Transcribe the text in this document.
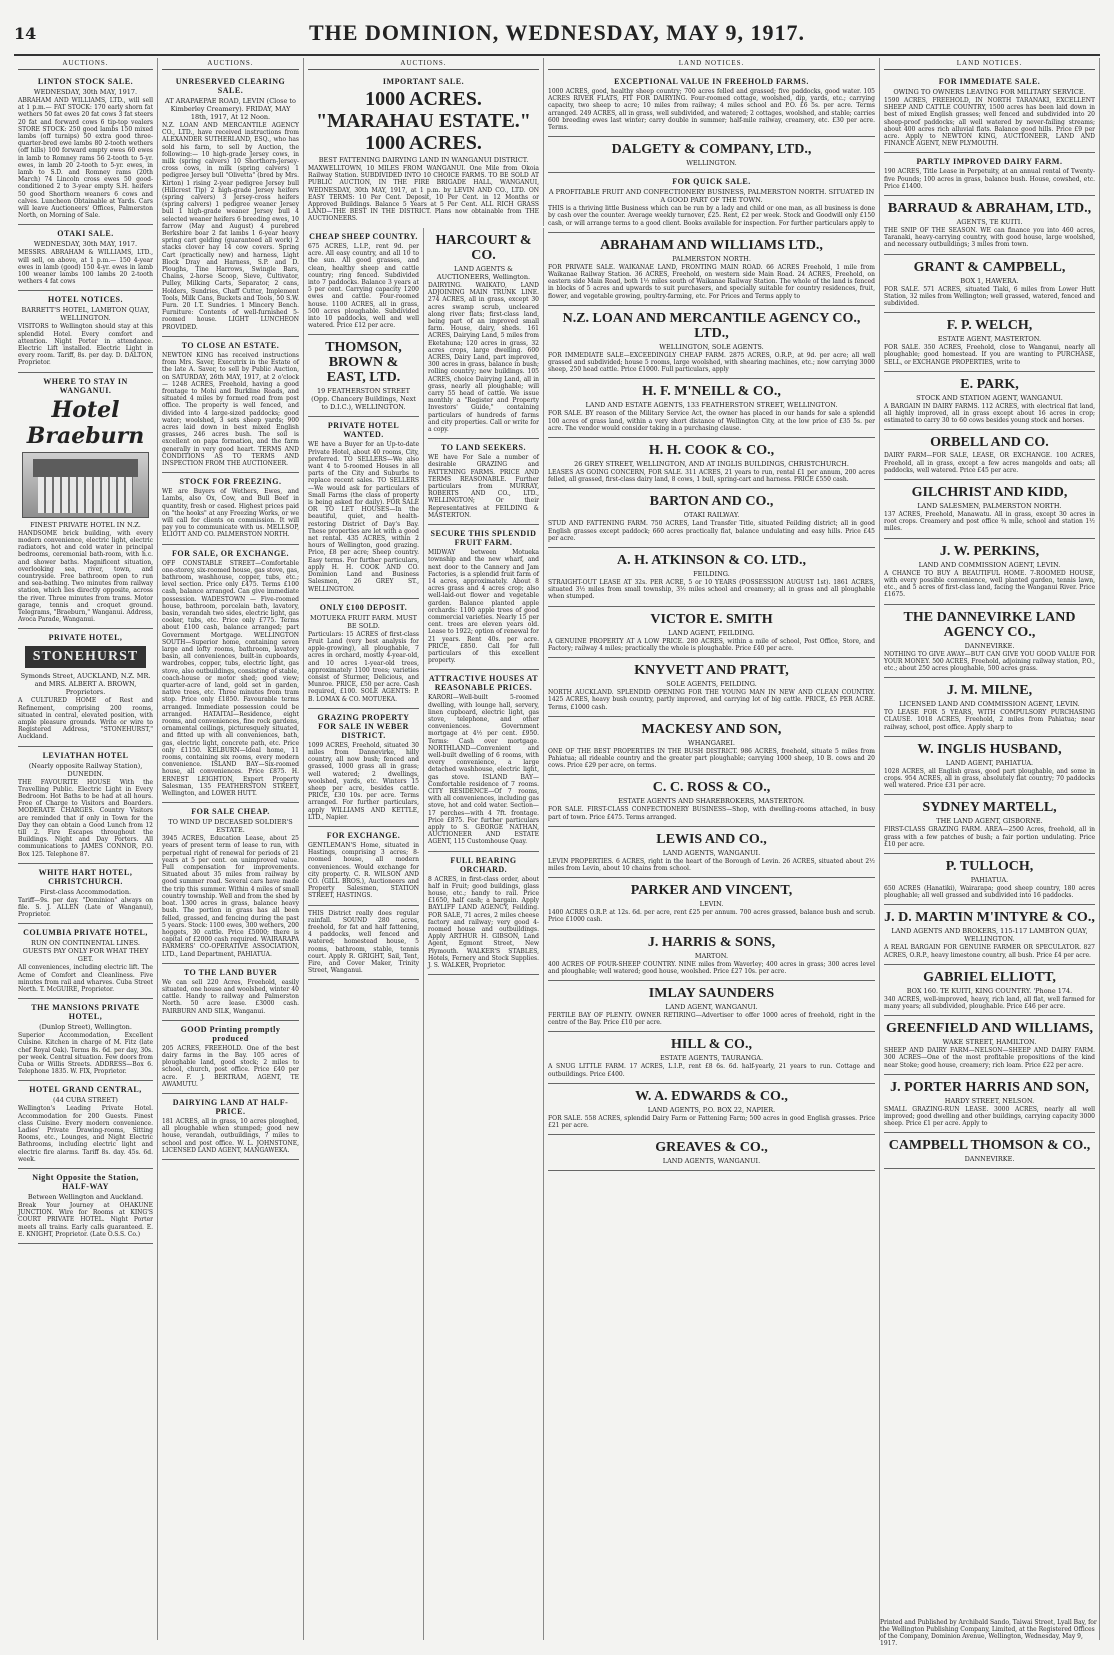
14	THE DOMINION, WEDNESDAY, MAY 9, 1917.
AUCTIONS.
LINTON STOCK SALE.
WEDNESDAY, 30th MAY, 1917.

ABRAHAM AND WILLIAMS, LTD., will sell at 1 p.m.— FAT STOCK: 170 early shorn fat wethers 50 fat ewes 20 fat cows 3 fat steers 20 fat and forward cows 6 tip-top vealers STORE STOCK: 250 good lambs 150 mixed lambs (off turnips) 50 extra good three-quarter-bred ewe lambs 80 2-tooth wethers (off hills) 100 forward empty ewes 60 ewes in lamb to Romney rams 56 2-tooth to 5-yr. ewes, in lamb 20 2-tooth to 5-yr. ewes, in lamb to S.D. and Romney rams (20th March) 74 Lincoln cross ewes 50 good-conditioned 2 to 3-year empty S.H. heifers 50 good Shorthorn weaners 6 cows and calves. Luncheon Obtainable at Yards. Cars will leave Auctioneers' Offices, Palmerston North, on Morning of Sale.

OTAKI SALE.
WEDNESDAY, 30th MAY, 1917.

MESSRS. ABRAHAM & WILLIAMS, LTD., will sell, on above, at 1 p.m.— 150 4-year ewes in lamb (good) 150 4-yr. ewes in lamb 100 weaner lambs 100 lambs 20 2-tooth wethers 4 fat cows

HOTEL NOTICES.
BARRETT'S HOTEL, LAMBTON QUAY, WELLINGTON.

VISITORS to Wellington should stay at this splendid Hotel. Every comfort and attention. Night Porter in attendance. Electric Lift installed. Electric Light in every room. Tariff, 8s. per day. D. DALTON, Proprietor.

WHERE TO STAY IN WANGANUI.
Hotel Braeburn
FINEST PRIVATE HOTEL IN N.Z.

HANDSOME brick building, with every modern convenience, electric light, electric radiators, hot and cold water in principal bedrooms, ceremonial bath-room, with h.c. and shower baths. Magnificent situation, overlooking sea, river, town, and countryside. Free bathroom open to run and sea-bathing. Two minutes from railway station, which lies directly opposite, across the river. Three minutes from trams. Motor garage, tennis and croquet ground. Telegrams, "Braeburn," Wanganui. Address, Avoca Parade, Wanganui.

PRIVATE HOTEL,
STONEHURST
Symonds Street, AUCKLAND, N.Z. MR. and MRS. ALBERT A. BROWN, Proprietors.

A CULTURED HOME of Rest and Refinement, comprising 200 rooms, situated in central, elevated position, with ample pleasure grounds. Write or wire to Registered Address, "STONEHURST," Auckland.

LEVIATHAN HOTEL
(Nearly opposite Railway Station), DUNEDIN.

THE FAVOURITE HOUSE With the Travelling Public. Electric Light in Every Bedroom. Hot Baths to be had at all hours. Free of Charge to Visitors and Boarders. MODERATE CHARGES. Country Visitors are reminded that if only in Town for the Day they can obtain a Good Lunch from 12 till 2. Fire Escapes throughout the Buildings. Night and Day Porters. All communications to JAMES CONNOR, P.O. Box 125. Telephone 87.

WHITE HART HOTEL, CHRISTCHURCH.
First-class Accommodation.

Tariff—9s. per day. "Dominion" always on file. S. J. ALLEN (Late of Wanganui), Proprietor.

COLUMBIA PRIVATE HOTEL,
RUN ON CONTINENTAL LINES. GUESTS PAY ONLY FOR WHAT THEY GET.

All conveniences, including electric lift. The Acme of Comfort and Cleanliness. Five minutes from rail and wharves. Cuba Street North. T. McGUIRE, Proprietor.

THE MANSIONS PRIVATE HOTEL,
(Dunlop Street), Wellington.

Superior Accommodation, Excellent Cuisine. Kitchen in charge of M. Fitz (late chef Royal Oak). Terms 8s. 6d. per day, 30s. per week. Central situation. Few doors from Cuba or Willis Streets. ADDRESS—Box 6. Telephone 1835. W. FIX, Proprietor.

HOTEL GRAND CENTRAL,
(44 CUBA STREET)

Wellington's Leading Private Hotel. Accommodation for 200 Guests. Finest class Cuisine. Every modern convenience. Ladies' Private Drawing-rooms, Sitting Rooms, etc., Lounges, and Night Electric Bathrooms, including electric light and electric fire alarms. Tariff 8s. day. 45s. 6d. week.

Night Opposite the Station, HALF-WAY
Between Wellington and Auckland.

Break Your Journey at OHAKUNE JUNCTION. Wire for Rooms at KING'S COURT PRIVATE HOTEL. Night Porter meets all trains. Early calls guaranteed. E. E. KNIGHT, Proprietor. (Late O.S.S. Co.)

AUCTIONS.
UNRESERVED CLEARING SALE.
AT ARAPAEPAE ROAD, LEVIN (Close to Kimberley Creamery). FRIDAY, MAY 18th, 1917, At 12 Noon.

N.Z. LOAN AND MERCANTILE AGENCY CO., LTD., have received instructions from ALEXANDER SUTHERLAND, ESQ., who has sold his farm, to sell by Auction, the following:— 10 high-grade Jersey cows, in milk (spring calvers) 10 Shorthorn-Jersey-cross cows, in milk (spring calvers) 1 pedigree Jersey bull "Olivetta" (bred by Mrs. Kirton) 1 rising 2-year pedigree Jersey bull (Hillcrest Tip) 2 high-grade Jersey heifers (spring calvers) 3 Jersey-cross heifers (spring calvers) 1 pedigree weaner Jersey bull 1 high-grade weaner Jersey bull 4 selected weaner heifers 6 breeding ewes, 10 farrow (May and August) 4 purebred Berkshire boar 2 fat lambs 1 6-year heavy spring cart gelding (guaranteed all work) 2 stacks clover hay 14 cow covers. Spring Cart (practically new) and harness, Light Block Dray and Harness, S.P. and D. Ploughs, Tine Harrows, Swingle Bars, Chains, 2-horse Scoop, Sieve, Cultivator, Pulley, Milking Carts, Separator, 2 cans, Holders, Sundries, Chaff Cutter, Implement Tools, Milk Cans, Buckets and Tools, 50 S.W. Furn. 20 I.T. Sundries. 1 Mincery Bench. Furniture: Contents of well-furnished 5-roomed house. LIGHT LUNCHEON PROVIDED.

TO CLOSE AN ESTATE.

NEWTON KING has received instructions from Mrs. Saver, Executrix in the Estate of the late A. Saver, to sell by Public Auction, on SATURDAY, 26th MAY, 1917, at 2 o'clock— 1248 ACRES, Freehold, having a good frontage to Mohi and Burkline Roads, and situated 4 miles by formed road from post office. The property is well fenced, and divided into 4 large-sized paddocks; good water; woolshed, 3 sets sheep yards; 900 acres laid down in best mixed English grasses, 246 acres bush. The soil is excellent on papa formation, and the farm generally in very good heart. TERMS AND CONDITIONS AS TO TERMS AND INSPECTION FROM THE AUCTIONEER.

STOCK FOR FREEZING.

WE are Buyers of Wethers, Ewes, and Lambs, also Ox, Cow, and Bull Beef in quantity, fresh or cased. Highest prices paid on "the hooks" at any Freezing Works, or we will call for clients on commission. It will pay you to communicate with us. MELLSOP, ELIOTT AND CO. PALMERSTON NORTH.

FOR SALE, OR EXCHANGE.

OFF CONSTABLE STREET—Comfortable one-storey, six-roomed house, gas stove, gas, bathroom, washhouse, copper, tubs, etc.; level section. Price only £475. Terms £100 cash, balance arranged. Can give immediate possession. WADESTOWN — Five-roomed house, bathroom, porcelain bath, lavatory, basin, verandah two sides, electric light, gas cooker, tubs, etc. Price only £775. Terms about £100 cash, balance arranged; part Government Mortgage. WELLINGTON SOUTH—Superior home, containing seven large and lofty rooms, bathroom, lavatory basin, all conveniences, built-in cupboards, wardrobes, copper, tubs, electric light, gas stove, also outbuildings, consisting of stable, coach-house or motor shed; good view; quarter-acre of land, gold set in garden, native trees, etc. Three minutes from tram stop. Price only £1850. Favourable terms arranged. Immediate possession could be arranged. HATAITAI—Residence, eight rooms, and conveniences, fine rock gardens, ornamental ceilings, picturesquely situated, and fitted up with all conveniences, bath, gas, electric light, concrete path, etc. Price only £1150. KELBURN—Ideal home, 11 rooms, containing six rooms, every modern convenience. ISLAND BAY—Six-roomed house, all conveniences. Price £875. H. ERNEST LEIGHTON, Expert Property Salesman, 135 FEATHERSTON STREET, Wellington, and LOWER HUTT.

FOR SALE CHEAP.
TO WIND UP DECEASED SOLDIER'S ESTATE.

3945 ACRES, Education Lease, about 25 years of present term of lease to run, with perpetual right of renewal for periods of 21 years at 5 per cent. on unimproved value. Full compensation for improvements. Situated about 35 miles from railway by good summer road. Several cars have made the trip this summer. Within 4 miles of small country township. Well and from the shed by boat. 1300 acres in grass, balance heavy bush. The portion in grass has all been felled, grassed, and fencing during the past 5 years. Stock: 1100 ewes, 300 wethers, 200 hoggets, 30 cattle. Price £5000; there is capital of £2000 cash required. WAIRARAPA FARMERS' CO-OPERATIVE ASSOCIATION, LTD., Land Department, PAHIATUA.

TO THE LAND BUYER

We can sell 220 Acres, Freehold, easily situated, one house and woolshed, winter 40 cattle. Handy to railway and Palmerston North. 50 acre lease. £3000 cash. FAIRBURN AND SILK, Wanganui.

GOOD Printing promptly produced

205 ACRES, FREEHOLD. One of the best dairy farms in the Bay. 105 acres of ploughable land, good stock; 2 miles to school, church, post office. Price £40 per acre. F. J. BERTRAM, AGENT, TE AWAMUTU.

DAIRYING LAND AT HALF-PRICE.

181 ACRES, all in grass, 10 acres ploughed, all ploughable when stumped; good new house, verandah, outbuildings, 7 miles to school and post office. W. L. JOHNSTONE, LICENSED LAND AGENT, MANGAWEKA.

AUCTIONS.
IMPORTANT SALE.
1000 ACRES. "MARAHAU ESTATE." 1000 ACRES.
BEST FATTENING DAIRYING LAND IN WANGANUI DISTRICT.

MAXWELLTOWN, 10 MILES FROM WANGANUI. One Mile from Okoia Railway Station. SUBDIVIDED INTO 10 CHOICE FARMS. TO BE SOLD AT PUBLIC AUCTION, IN THE FIRE BRIGADE HALL, WANGANUI, WEDNESDAY, 30th MAY, 1917, at 1 p.m. by LEVIN AND CO., LTD. ON EASY TERMS: 10 Per Cent. Deposit, 10 Per Cent. in 12 Months or Approved Buildings. Balance 5 Years at 5 Per Cent. ALL RICH GRASS LAND—THE BEST IN THE DISTRICT. Plans now obtainable from THE AUCTIONEERS.

CHEAP SHEEP COUNTRY.

675 ACRES, L.I.P., rent 9d. per acre. All easy country, and all 10 to the sun. All good grasses, and clean, healthy sheep and cattle country; ring fenced. Subdivided into 7 paddocks. Balance 3 years at 5 per cent. Carrying capacity 1200 ewes and cattle. Four-roomed house. 1100 ACRES, all in grass, 500 acres ploughable. Subdivided into 10 paddocks, well and well watered. Price £12 per acre.

THOMSON, BROWN & EAST, LTD.
19 FEATHERSTON STREET (Opp. Chancery Buildings, Next to D.I.C.), WELLINGTON.
PRIVATE HOTEL WANTED.

WE have a Buyer for an Up-to-date Private Hotel, about 40 rooms, City, preferred. TO SELLERS—We also want 4 to 5-roomed Houses in all parts of the City and Suburbs to replace recent sales. TO SELLERS—We would ask for particulars of Small Farms (the class of property is being asked for daily). FOR SALE OR TO LET HOUSES—In the beautiful, quiet, and health-restoring District of Day's Bay. These properties are let with a good net rental. 435 ACRES, within 2 hours of Wellington, good grazing. Price, £8 per acre; Sheep country. Easy terms. For further particulars, apply H. H. COOK AND CO. Dominion Land and Business Salesmen, 26 GREY ST., WELLINGTON.

ONLY £100 DEPOSIT.
MOTUEKA FRUIT FARM. MUST BE SOLD.

Particulars: 15 ACRES of first-class Fruit Land (very best analysis for apple-growing), all ploughable, 7 acres in orchard, mostly 4-year-old, and 10 acres 1-year-old trees, approximately 1100 trees; varieties consist of Sturmer, Delicious, and Munroe. PRICE, £50 per acre. Cash required, £100. SOLE AGENTS: P. B. LOMAX & CO. MOTUEKA.

GRAZING PROPERTY FOR SALE IN WEBER DISTRICT.

1099 ACRES, Freehold, situated 30 miles from Dannevirke, hilly country, all now bush; fenced and grassed, 1000 grass all in grass; well watered; 2 dwellings, woolshed, yards, etc. Winters 15 sheep per acre, besides cattle. PRICE, £30 10s. per acre. Terms arranged. For further particulars, apply WILLIAMS AND KETTLE, LTD., Napier.

FOR EXCHANGE.

GENTLEMAN'S Home, situated in Hastings, comprising 3 acres; 8-roomed house, all modern conveniences. Would exchange for city property. C. R. WILSON AND CO. (GILL BROS.), Auctioneers and Property Salesmen, STATION STREET, HASTINGS.

THIS District really does regular rainfall. SOUND 280 acres, freehold, for fat and half fattening, 4 paddocks, well fenced and watered; homestead house, 5 rooms, bathroom, stable, tennis court. Apply R. GRIGHT, Sail, Tent, Fire, and Cover Maker, Trinity Street, Wanganui.

HARCOURT & CO.
LAND AGENTS & AUCTIONEERS, Wellington.

DAIRYING. WAIKATO, LAND ADJOINING MAIN TRUNK LINE. 274 ACRES, all in grass, except 30 acres swamp scrub, uncleared along river flats; first-class land, being part of an improved small farm. House, dairy, sheds. 161 ACRES, Dairying Land, 5 miles from Eketahuna; 120 acres in grass, 32 acres crops, large dwelling. 600 ACRES, Dairy Land, part improved, 300 acres in grass, balance in bush; rolling country; new buildings. 105 ACRES, choice Dairying Land, all in grass, nearly all ploughable; will carry 55 head of cattle. We issue monthly a "Register and Property Investors' Guide," containing particulars of hundreds of farms and city properties. Call or write for a copy.

TO LAND SEEKERS.

WE have For Sale a number of desirable GRAZING and FATTENING FARMS. PRICE AND TERMS REASONABLE. Further particulars from MURRAY, ROBERTS AND CO., LTD., WELLINGTON; Or their Representatives at FEILDING & MASTERTON.

SECURE THIS SPLENDID FRUIT FARM.

MIDWAY between Motueka township and the new wharf, and next door to the Cannery and Jam Factories, is a splendid fruit farm of 14 acres, approximately. About 8 acres grass and 4 acres crop; also well-laid-out flower and vegetable garden. Balance planted apple orchards: 1100 apple trees of good commercial varieties. Nearly 15 per cent. trees are eleven years old. Lease to 1922; option of renewal for 21 years. Rent 40s. per acre. PRICE, £850. Call for full particulars of this excellent property.

ATTRACTIVE HOUSES AT REASONABLE PRICES.

KARORI—Well-built 5-roomed dwelling, with lounge hall, servery, linen cupboard, electric light, gas stove, telephone, and other conveniences. Government mortgage at 4½ per cent. £950. Terms: Cash over mortgage. NORTHLAND—Convenient and well-built dwelling of 6 rooms, with every convenience, a large detached washhouse, electric light, gas stove. ISLAND BAY—Comfortable residence of 7 rooms. CITY RESIDENCE—Of 7 rooms, with all conveniences, including gas stove, hot and cold water. Section—17 perches—with 4 7ft. frontage. Price £875. For further particulars apply to S. GEORGE NATHAN, AUCTIONEER AND ESTATE AGENT, 115 Customhouse Quay.

FULL BEARING ORCHARD.

8 ACRES, in first-class order, about half in Fruit; good buildings, glass house, etc.; handy to rail. Price £1650, half cash; a bargain. Apply BAYLIFF LAND AGENCY, Feilding. FOR SALE, 71 acres, 2 miles cheese factory and railway; very good 4-roomed house and outbuildings. Apply ARTHUR H. GIBSON, Land Agent, Egmont Street, New Plymouth. WALKER'S STABLES, Hotels, Fernery and Stock Supplies. J. S. WALKER, Proprietor.

LAND NOTICES.
EXCEPTIONAL VALUE IN FREEHOLD FARMS.

1000 ACRES, good, healthy sheep country; 700 acres felled and grassed; five paddocks, good water. 105 ACRES RIVER FLATS, FIT FOR DAIRYING. Four-roomed cottage, woolshed, dip, yards, etc.; carrying capacity, two sheep to acre; 10 miles from railway; 4 miles school and P.O. £6 5s. per acre. Terms arranged. 249 ACRES, all in grass, well subdivided, and watered; 2 cottages, woolshed, and stable; carries 600 breeding ewes last winter; carry double in summer; half-mile railway, creamery, etc. £30 per acre. Terms.

DALGETY & COMPANY, LTD.,
WELLINGTON.
FOR QUICK SALE.
A PROFITABLE FRUIT AND CONFECTIONERY BUSINESS, PALMERSTON NORTH. SITUATED IN A GOOD PART OF THE TOWN.

THIS is a thriving little Business which can be run by a lady and child or one man, as all business is done by cash over the counter. Average weekly turnover, £25. Rent, £2 per week. Stock and Goodwill only £150 cash, or will arrange terms to a good client. Books available for inspection. For further particulars apply to

ABRAHAM AND WILLIAMS LTD.,
PALMERSTON NORTH.

FOR PRIVATE SALE. WAIKANAE LAND, FRONTING MAIN ROAD. 66 ACRES Freehold, 1 mile from Waikanae Railway Station. 36 ACRES, Freehold, on western side Main Road. 24 ACRES, Freehold, on eastern side Main Road, both 1½ miles south of Waikanae Railway Station. The whole of the land is fenced in blocks of 5 acres and upwards to suit purchasers, and specially suitable for country residences, fruit, flower, and vegetable growing, poultry-farming, etc. For Prices and Terms apply to

N.Z. LOAN AND MERCANTILE AGENCY CO., LTD.,
WELLINGTON, SOLE AGENTS.

FOR IMMEDIATE SALE—EXCEEDINGLY CHEAP FARM. 2875 ACRES, O.R.P., at 9d. per acre; all well grassed and subdivided; house 5 rooms, large woolshed, with shearing machines, etc.; now carrying 3000 sheep, 250 head cattle. Price £1000. Full particulars, apply

H. F. M'NEILL & CO.,
LAND AND ESTATE AGENTS, 133 FEATHERSTON STREET, WELLINGTON.

FOR SALE. BY reason of the Military Service Act, the owner has placed in our hands for sale a splendid 100 acres of grass land, within a very short distance of Wellington City, at the low price of £35 5s. per acre. The vendor would consider taking in a purchasing clause.

H. H. COOK & CO.,
26 GREY STREET, WELLINGTON, AND AT INGLIS BUILDINGS, CHRISTCHURCH.

LEASES AS GOING CONCERN, FOR SALE. 311 ACRES, 21 years to run, rental £1 per annum, 200 acres felled, all grassed, first-class dairy land, 8 cows, 1 bull, spring-cart and harness. PRICE £550 cash.

BARTON AND CO.,
OTAKI RAILWAY.

STUD AND FATTENING FARM. 750 ACRES, Land Transfer Title, situated Feilding district; all in good English grasses except paddock; 660 acres practically flat, balance undulating and easy hills. Price £45 per acre.

A. H. ATKINSON & CO. LTD.,
FEILDING.

STRAIGHT-OUT LEASE AT 32s. PER ACRE, 5 or 10 YEARS (POSSESSION AUGUST 1st). 1861 ACRES, situated 3½ miles from small township, 3½ miles school and creamery; all in grass and all ploughable when stumped.

VICTOR E. SMITH
LAND AGENT, FEILDING.

A GENUINE PROPERTY AT A LOW PRICE. 280 ACRES, within a mile of school, Post Office, Store, and Factory; railway 4 miles; practically the whole is ploughable. Price £40 per acre.

KNYVETT AND PRATT,
SOLE AGENTS, FEILDING.

NORTH AUCKLAND. SPLENDID OPENING FOR THE YOUNG MAN IN NEW AND CLEAN COUNTRY. 1425 ACRES, heavy bush country, partly improved, and carrying lot of big cattle. PRICE, £5 PER ACRE. Terms, £1000 cash.

MACKESY AND SON,
WHANGAREI.

ONE OF THE BEST PROPERTIES IN THE BUSH DISTRICT. 986 ACRES, freehold, situate 5 miles from Pahiatua; all rideable country and the greater part ploughable; carrying 1000 sheep, 10 B. cows and 20 cows. Price £29 per acre, on terms.

C. C. ROSS & CO.,
ESTATE AGENTS AND SHAREBROKERS, MASTERTON.

FOR SALE. FIRST-CLASS CONFECTIONERY BUSINESS—Shop, with dwelling-rooms attached, in busy part of town. Price £475. Terms arranged.

LEWIS AND CO.,
LAND AGENTS, WANGANUI.

LEVIN PROPERTIES. 6 ACRES, right in the heart of the Borough of Levin. 26 ACRES, situated about 2½ miles from Levin, about 10 chains from school.

PARKER AND VINCENT,
LEVIN.

1400 ACRES O.R.P. at 12s. 6d. per acre, rent £25 per annum. 700 acres grassed, balance bush and scrub. Price £1000 cash.

J. HARRIS & SONS,
MARTON.

400 ACRES OF FOUR-SHEEP COUNTRY. NINE miles from Waverley; 400 acres in grass; 300 acres level and ploughable; well watered; good house, woolshed. Price £27 10s. per acre.

IMLAY SAUNDERS
LAND AGENT, WANGANUI.

FERTILE BAY OF PLENTY. OWNER RETIRING—Advertiser to offer 1000 acres of freehold, right in the centre of the Bay. Price £10 per acre.

HILL & CO.,
ESTATE AGENTS, TAURANGA.

A SNUG LITTLE FARM. 17 ACRES, L.I.P., rent £8 6s. 6d. half-yearly, 21 years to run. Cottage and outbuildings. Price £400.

W. A. EDWARDS & CO.,
LAND AGENTS, P.O. BOX 22, NAPIER.

FOR SALE. 558 ACRES, splendid Dairy Farm or Fattening Farm; 500 acres in good English grasses. Price £21 per acre.

GREAVES & CO.,
LAND AGENTS, WANGANUI.
LAND NOTICES.
FOR IMMEDIATE SALE.
OWING TO OWNERS LEAVING FOR MILITARY SERVICE.

1590 ACRES, FREEHOLD, IN NORTH TARANAKI, EXCELLENT SHEEP AND CATTLE COUNTRY, 1500 acres has been laid down in best of mixed English grasses; well fenced and subdivided into 20 sheep-proof paddocks; all well watered by never-failing streams; about 400 acres rich alluvial flats. Balance good hills. Price £9 per acre. Apply to NEWTON KING, AUCTIONEER, LAND AND FINANCE AGENT, NEW PLYMOUTH.

PARTLY IMPROVED DAIRY FARM.

190 ACRES, Title Lease in Perpetuity, at an annual rental of Twenty-five Pounds; 100 acres in grass, balance bush. House, cowshed, etc. Price £1400.

BARRAUD & ABRAHAM, LTD.,
AGENTS, TE KUITI.

THE SNIP OF THE SEASON. WE can finance you into 460 acres, Taranaki, heavy-carrying country, with good house, large woolshed, and necessary outbuildings; 3 miles from town.

GRANT & CAMPBELL,
BOX 1, HAWERA.

FOR SALE. 571 ACRES, situated Tiaki, 6 miles from Lower Hutt Station, 32 miles from Wellington; well grassed, watered, fenced and subdivided.

F. P. WELCH,
ESTATE AGENT, MASTERTON.

FOR SALE. 350 ACRES, Freehold, close to Wanganui, nearly all ploughable; good homestead. If you are wanting to PURCHASE, SELL, or EXCHANGE PROPERTIES, write to

E. PARK,
STOCK AND STATION AGENT, WANGANUI.

A BARGAIN IN DAIRY FARMS. 112 ACRES, with electrical flat land, all highly improved, all in grass except about 16 acres in crop; estimated to carry 30 to 60 cows besides young stock and horses.

ORBELL AND CO.

DAIRY FARM—FOR SALE, LEASE, OR EXCHANGE. 100 ACRES, Freehold, all in grass, except a few acres mangolds and oats; all paddocks, well watered. Price £45 per acre.

GILCHRIST AND KIDD,
LAND SALESMEN, PALMERSTON NORTH.

137 ACRES, Freehold, Manawatu. All in grass, except 30 acres in root crops. Creamery and post office ¾ mile, school and station 1½ miles.

J. W. PERKINS,
LAND AND COMMISSION AGENT, LEVIN.

A CHANCE TO BUY A BEAUTIFUL HOME. 7-ROOMED HOUSE, with every possible convenience, well planted garden, tennis lawn, etc., and 5 acres of first-class land, facing the Wanganui River. Price £1675.

THE DANNEVIRKE LAND AGENCY CO.,
DANNEVIRKE.

NOTHING TO GIVE AWAY—BUT CAN GIVE YOU GOOD VALUE FOR YOUR MONEY. 500 ACRES, Freehold, adjoining railway station, P.O., etc.; about 250 acres ploughable, 500 acres grass.

J. M. MILNE,
LICENSED LAND AND COMMISSION AGENT, LEVIN.

TO LEASE FOR 5 YEARS, WITH COMPULSORY PURCHASING CLAUSE. 1018 ACRES, Freehold, 2 miles from Pahiatua; near railway, school, post office. Apply sharp to

W. INGLIS HUSBAND,
LAND AGENT, PAHIATUA.

1028 ACRES, all English grass, good part ploughable, and some in crops. 954 ACRES, all in grass, absolutely flat country; 70 paddocks well watered. Price £31 per acre.

SYDNEY MARTELL,
THE LAND AGENT, GISBORNE.

FIRST-CLASS GRAZING FARM. AREA—2500 Acres, freehold, all in grass with a few patches of bush; a fair portion undulating. Price £10 per acre.

P. TULLOCH,
PAHIATUA.

650 ACRES (Hanatiki), Wairarapa; good sheep country, 180 acres ploughable; all well grassed and subdivided into 16 paddocks.

J. D. MARTIN M'INTYRE & CO.,
LAND AGENTS AND BROKERS, 115-117 LAMBTON QUAY, WELLINGTON.

A REAL BARGAIN FOR GENUINE FARMER OR SPECULATOR. 827 ACRES, O.R.P., heavy limestone country, all bush. Price £4 per acre.

GABRIEL ELLIOTT,
BOX 160. TE KUITI, KING COUNTRY. 'Phone 174.

340 ACRES, well-improved, heavy, rich land, all flat, well farmed for many years; all subdivided, ploughable. Price £46 per acre.

GREENFIELD AND WILLIAMS,
WAKE STREET, HAMILTON.

SHEEP AND DAIRY FARM—NELSON—SHEEP AND DAIRY FARM. 300 ACRES—One of the most profitable propositions of the kind near Stoke; good house, creamery; rich loam. Price £22 per acre.

J. PORTER HARRIS AND SON,
HARDY STREET, NELSON.

SMALL GRAZING-RUN LEASE. 3000 ACRES, nearly all well improved; good dwelling and other buildings, carrying capacity 3000 sheep. Price £1 per acre. Apply to

CAMPBELL THOMSON & CO.,
DANNEVIRKE.
Printed and Published by Archibald Sando, Taiwai Street, Lyall Bay, for the Wellington Publishing Company, Limited, at the Registered Offices of the Company, Dominion Avenue, Wellington, Wednesday, May 9, 1917.
